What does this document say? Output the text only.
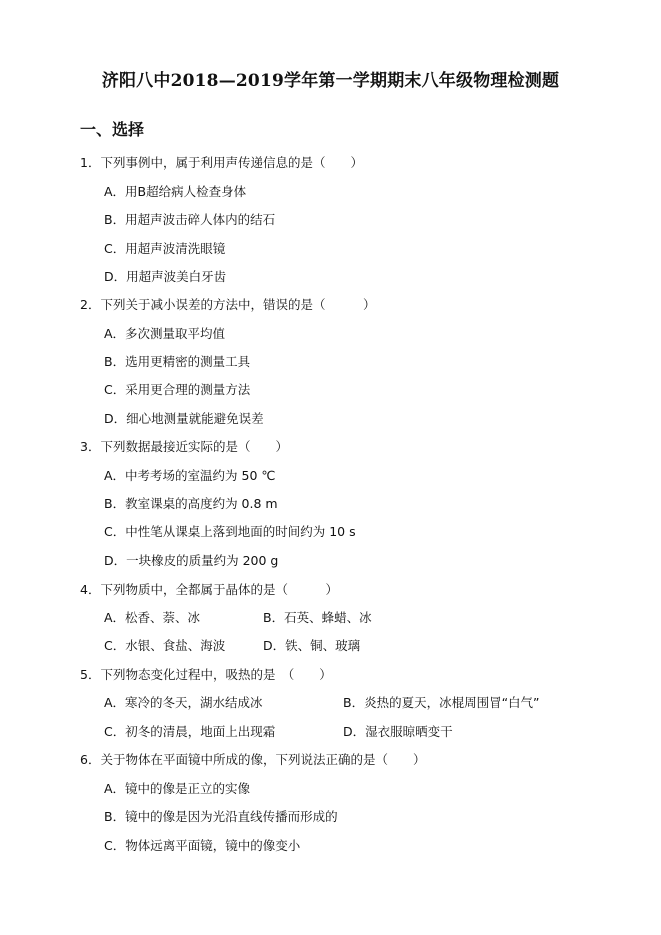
济阳八中2018—2019学年第一学期期末八年级物理检测题
一、选择
1．下列事例中，属于利用声传递信息的是（　　）
A．用B超给病人检查身体
B．用超声波击碎人体内的结石
C．用超声波清洗眼镜
D．用超声波美白牙齿
2．下列关于减小误差的方法中，错误的是（　　　）
A．多次测量取平均值
B．选用更精密的测量工具
C．采用更合理的测量方法
D．细心地测量就能避免误差
3．下列数据最接近实际的是（　　）
A．中考考场的室温约为 50 ℃
B．教室课桌的高度约为 0.8 m
C．中性笔从课桌上落到地面的时间约为 10 s
D．一块橡皮的质量约为 200 g
4．下列物质中，全都属于晶体的是（　　　）
A．松香、萘、冰	B．石英、蜂蜡、冰
C．水银、食盐、海波	D．铁、铜、玻璃
5．下列物态变化过程中，吸热的是　（　　）
A．寒冷的冬天，湖水结成冰	B．炎热的夏天，冰棍周围冒“白气”
C．初冬的清晨，地面上出现霜	D．湿衣服晾晒变干
6．关于物体在平面镜中所成的像，下列说法正确的是（　　）
A．镜中的像是正立的实像
B．镜中的像是因为光沿直线传播而形成的
C．物体远离平面镜，镜中的像变小
